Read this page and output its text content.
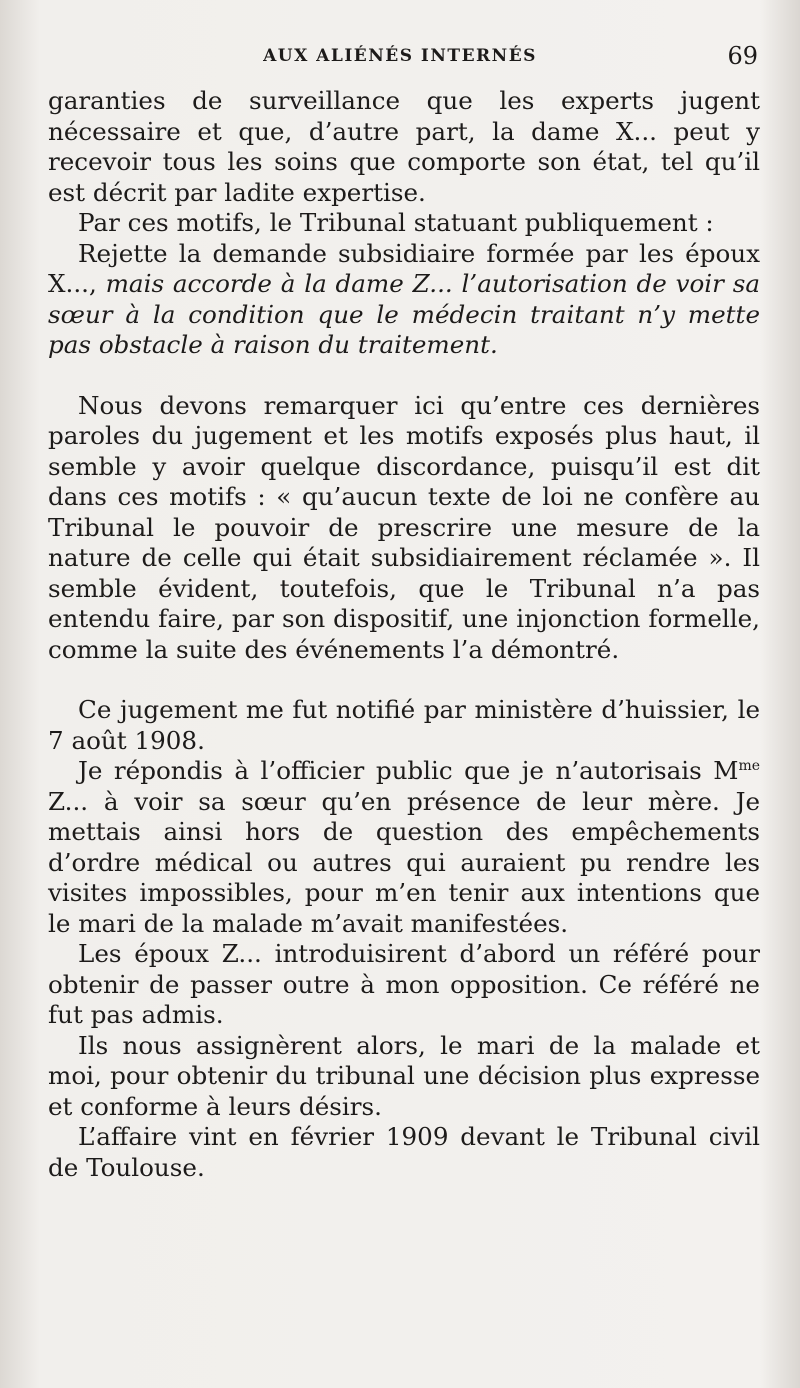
AUX ALIÉNÉS INTERNÉS	69

garanties de surveillance que les experts jugent nécessaire et que, d’autre part, la dame X... peut y recevoir tous les soins que comporte son état, tel qu’il est décrit par ladite expertise.

Par ces motifs, le Tribunal statuant publiquement :

Rejette la demande subsidiaire formée par les époux X..., mais accorde à la dame Z... l’autorisation de voir sa sœur à la condition que le médecin traitant n’y mette pas obstacle à raison du traitement.

Nous devons remarquer ici qu’entre ces dernières paroles du jugement et les motifs exposés plus haut, il semble y avoir quelque discordance, puisqu’il est dit dans ces motifs : « qu’aucun texte de loi ne confère au Tribunal le pouvoir de prescrire une mesure de la nature de celle qui était subsidiairement réclamée ». Il semble évident, toutefois, que le Tribunal n’a pas entendu faire, par son dispositif, une injonction formelle, comme la suite des événements l’a démontré.

Ce jugement me fut notifié par ministère d’huissier, le 7 août 1908.

Je répondis à l’officier public que je n’autorisais $M^{me}$ Z... à voir sa sœur qu’en présence de leur mère. Je mettais ainsi hors de question des empêchements d’ordre médical ou autres qui auraient pu rendre les visites impossibles, pour m’en tenir aux intentions que le mari de la malade m’avait manifestées.

Les époux Z... introduisirent d’abord un référé pour obtenir de passer outre à mon opposition. Ce référé ne fut pas admis.

Ils nous assignèrent alors, le mari de la malade et moi, pour obtenir du tribunal une décision plus expresse et conforme à leurs désirs.

L’affaire vint en février 1909 devant le Tribunal civil de Toulouse.
